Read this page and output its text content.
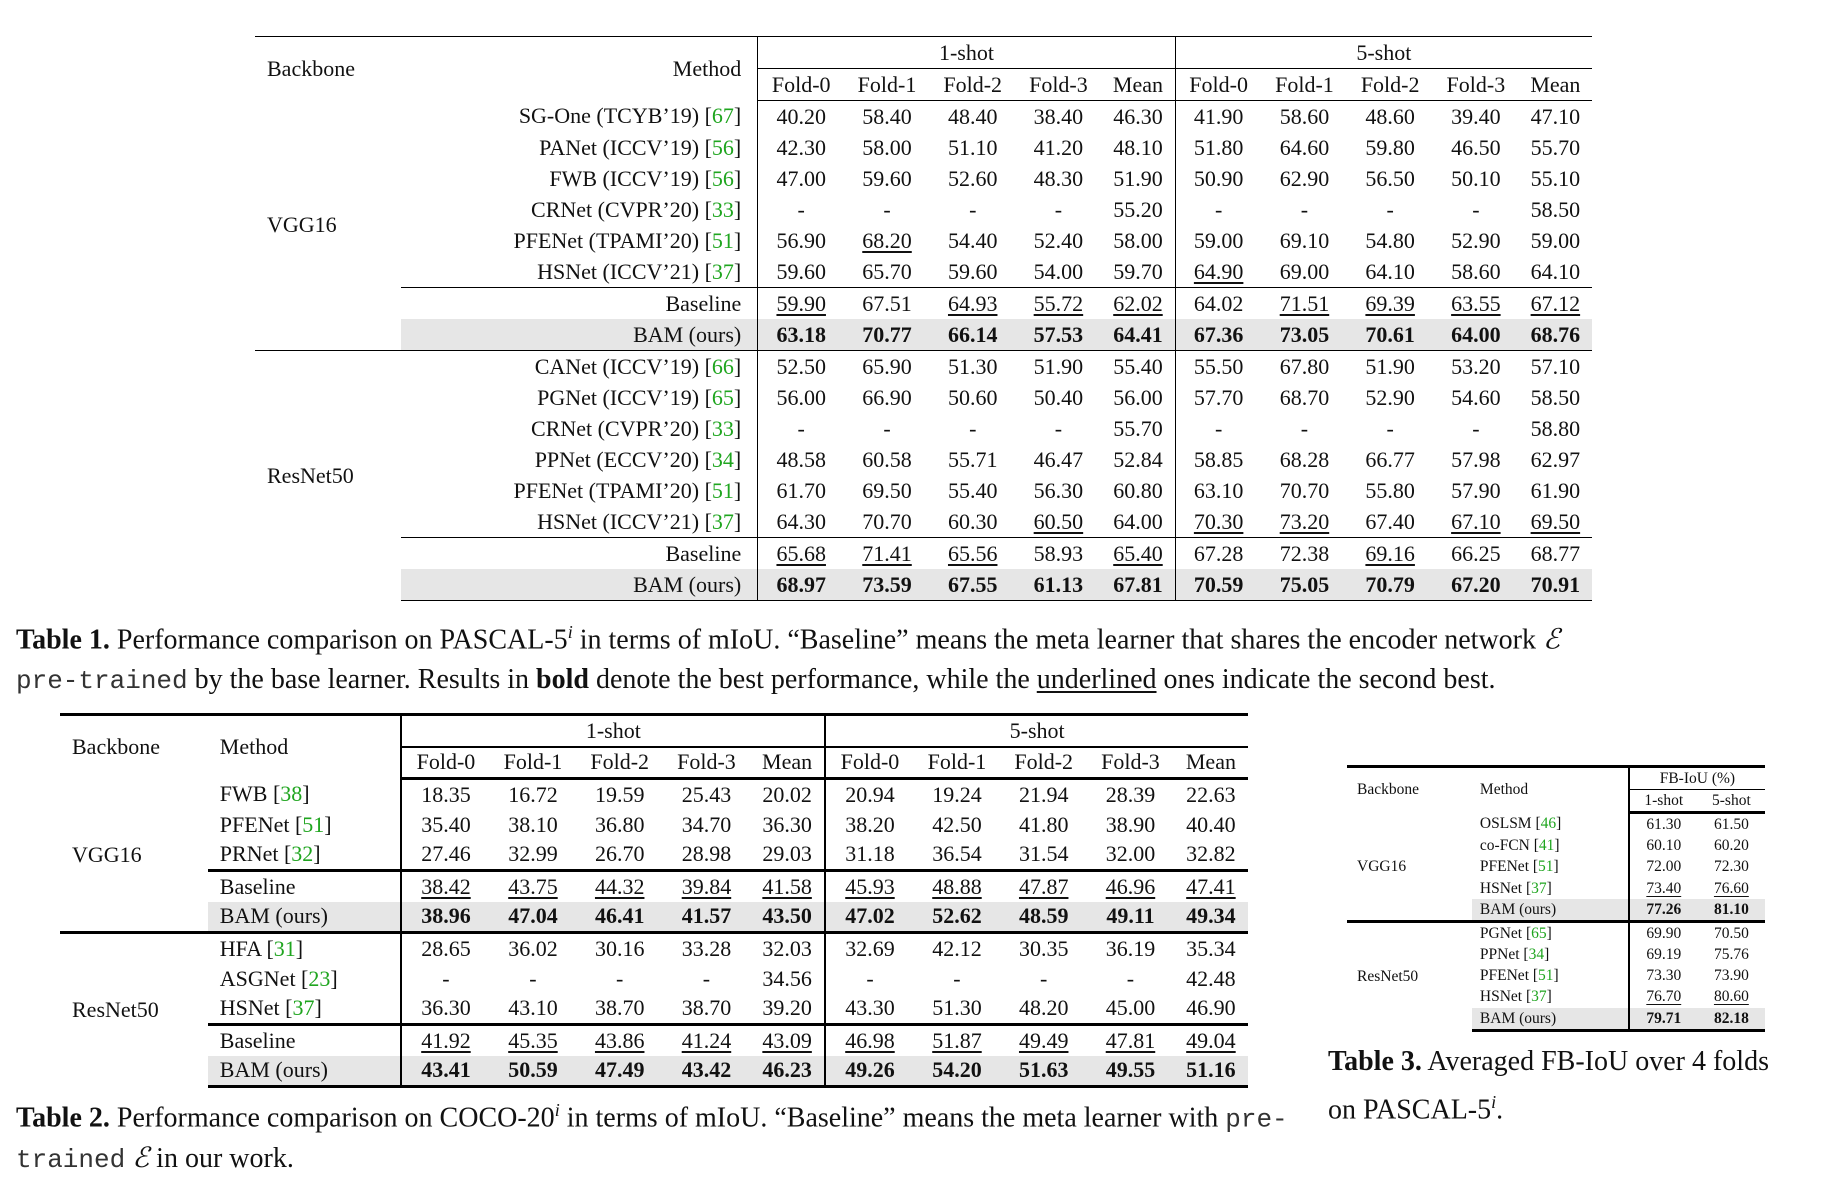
Backbone	Method	1-shot					5-shot				
		Fold-0	Fold-1	Fold-2	Fold-3	Mean	Fold-0	Fold-1	Fold-2	Fold-3	Mean
VGG16	SG-One (TCYB’19) [67]	40.20	58.40	48.40	38.40	46.30	41.90	58.60	48.60	39.40	47.10
	PANet (ICCV’19) [56]	42.30	58.00	51.10	41.20	48.10	51.80	64.60	59.80	46.50	55.70
	FWB (ICCV’19) [56]	47.00	59.60	52.60	48.30	51.90	50.90	62.90	56.50	50.10	55.10
	CRNet (CVPR’20) [33]	-	-	-	-	55.20	-	-	-	-	58.50
	PFENet (TPAMI’20) [51]	56.90	68.20	54.40	52.40	58.00	59.00	69.10	54.80	52.90	59.00
	HSNet (ICCV’21) [37]	59.60	65.70	59.60	54.00	59.70	64.90	69.00	64.10	58.60	64.10
	Baseline	59.90	67.51	64.93	55.72	62.02	64.02	71.51	69.39	63.55	67.12
	BAM (ours)	63.18	70.77	66.14	57.53	64.41	67.36	73.05	70.61	64.00	68.76
ResNet50	CANet (ICCV’19) [66]	52.50	65.90	51.30	51.90	55.40	55.50	67.80	51.90	53.20	57.10
	PGNet (ICCV’19) [65]	56.00	66.90	50.60	50.40	56.00	57.70	68.70	52.90	54.60	58.50
	CRNet (CVPR’20) [33]	-	-	-	-	55.70	-	-	-	-	58.80
	PPNet (ECCV’20) [34]	48.58	60.58	55.71	46.47	52.84	58.85	68.28	66.77	57.98	62.97
	PFENet (TPAMI’20) [51]	61.70	69.50	55.40	56.30	60.80	63.10	70.70	55.80	57.90	61.90
	HSNet (ICCV’21) [37]	64.30	70.70	60.30	60.50	64.00	70.30	73.20	67.40	67.10	69.50
	Baseline	65.68	71.41	65.56	58.93	65.40	67.28	72.38	69.16	66.25	68.77
	BAM (ours)	68.97	73.59	67.55	61.13	67.81	70.59	75.05	70.79	67.20	70.91
Table 1. Performance comparison on PASCAL-5$^i$ in terms of mIoU. “Baseline” means the meta learner that shares the encoder network ℰ
pre-trained by the base learner. Results in bold denote the best performance, while the underlined ones indicate the second best.
Backbone	Method	1-shot					5-shot				
		Fold-0	Fold-1	Fold-2	Fold-3	Mean	Fold-0	Fold-1	Fold-2	Fold-3	Mean
VGG16	FWB [38]	18.35	16.72	19.59	25.43	20.02	20.94	19.24	21.94	28.39	22.63
	PFENet [51]	35.40	38.10	36.80	34.70	36.30	38.20	42.50	41.80	38.90	40.40
	PRNet [32]	27.46	32.99	26.70	28.98	29.03	31.18	36.54	31.54	32.00	32.82
	Baseline	38.42	43.75	44.32	39.84	41.58	45.93	48.88	47.87	46.96	47.41
	BAM (ours)	38.96	47.04	46.41	41.57	43.50	47.02	52.62	48.59	49.11	49.34
ResNet50	HFA [31]	28.65	36.02	30.16	33.28	32.03	32.69	42.12	30.35	36.19	35.34
	ASGNet [23]	-	-	-	-	34.56	-	-	-	-	42.48
	HSNet [37]	36.30	43.10	38.70	38.70	39.20	43.30	51.30	48.20	45.00	46.90
	Baseline	41.92	45.35	43.86	41.24	43.09	46.98	51.87	49.49	47.81	49.04
	BAM (ours)	43.41	50.59	47.49	43.42	46.23	49.26	54.20	51.63	49.55	51.16
Table 2. Performance comparison on COCO-20$^i$ in terms of mIoU. “Baseline” means the meta learner with pre-trained ℰ in our work.
Backbone	Method	FB-IoU (%)	
		1-shot	5-shot
VGG16	OSLSM [46]	61.30	61.50
	co-FCN [41]	60.10	60.20
	PFENet [51]	72.00	72.30
	HSNet [37]	73.40	76.60
	BAM (ours)	77.26	81.10
ResNet50	PGNet [65]	69.90	70.50
	PPNet [34]	69.19	75.76
	PFENet [51]	73.30	73.90
	HSNet [37]	76.70	80.60
	BAM (ours)	79.71	82.18
Table 3. Averaged FB-IoU over 4 folds on PASCAL-5$^i$.
